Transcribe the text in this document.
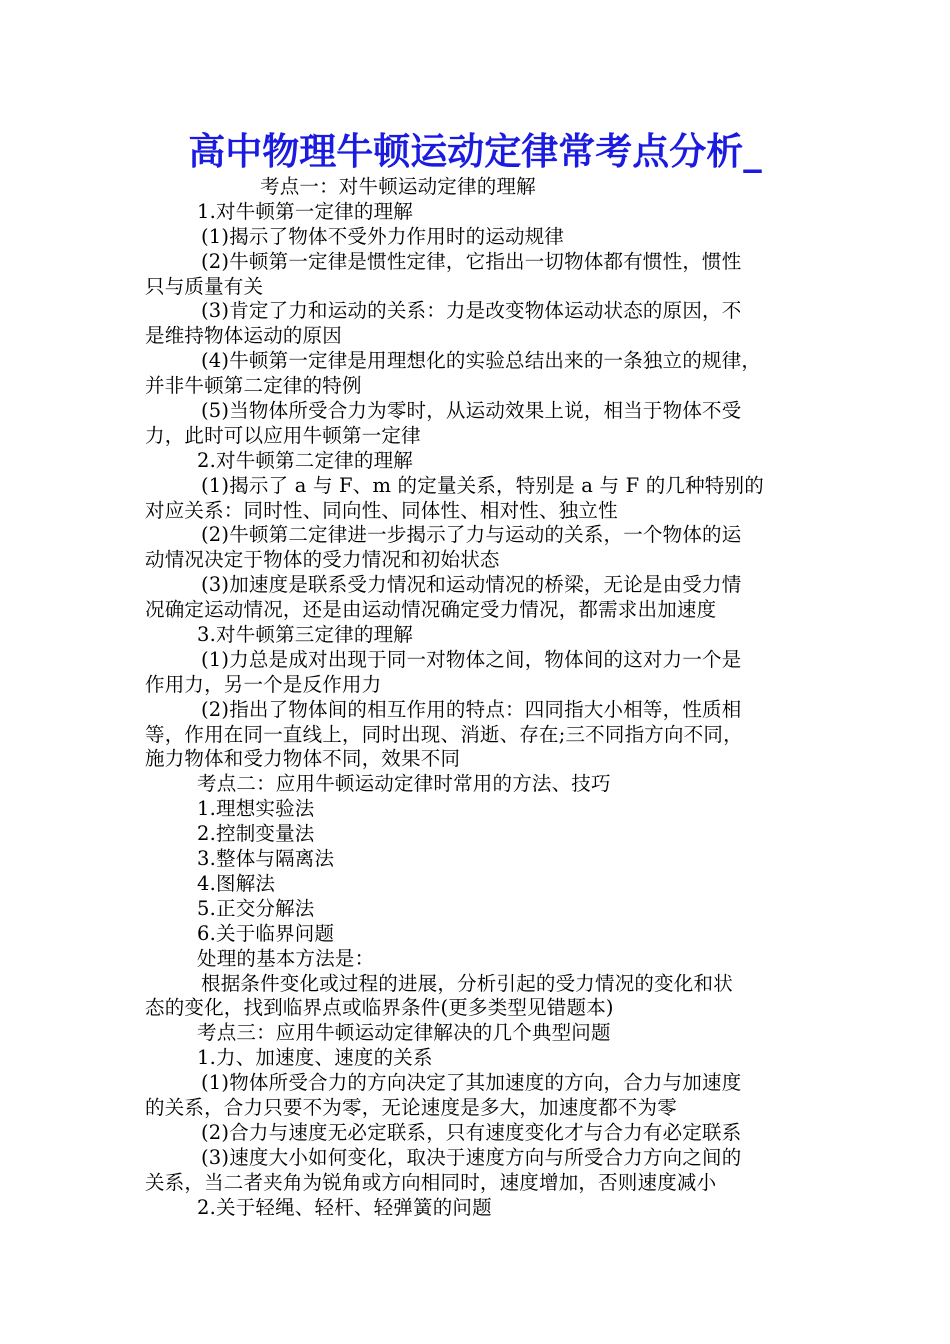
高中物理牛顿运动定律常考点分析_
考点一：对牛顿运动定律的理解
1.对牛顿第一定律的理解
(1)揭示了物体不受外力作用时的运动规律
(2)牛顿第一定律是惯性定律，它指出一切物体都有惯性，惯性
只与质量有关
(3)肯定了力和运动的关系：力是改变物体运动状态的原因，不
是维持物体运动的原因
(4)牛顿第一定律是用理想化的实验总结出来的一条独立的规律，
并非牛顿第二定律的特例
(5)当物体所受合力为零时，从运动效果上说，相当于物体不受
力，此时可以应用牛顿第一定律
2.对牛顿第二定律的理解
(1)揭示了 a 与 F、m 的定量关系，特别是 a 与 F 的几种特别的
对应关系：同时性、同向性、同体性、相对性、独立性
(2)牛顿第二定律进一步揭示了力与运动的关系，一个物体的运
动情况决定于物体的受力情况和初始状态
(3)加速度是联系受力情况和运动情况的桥梁，无论是由受力情
况确定运动情况，还是由运动情况确定受力情况，都需求出加速度
3.对牛顿第三定律的理解
(1)力总是成对出现于同一对物体之间，物体间的这对力一个是
作用力，另一个是反作用力
(2)指出了物体间的相互作用的特点：四同指大小相等，性质相
等，作用在同一直线上，同时出现、消逝、存在;三不同指方向不同，
施力物体和受力物体不同，效果不同
考点二：应用牛顿运动定律时常用的方法、技巧
1.理想实验法
2.控制变量法
3.整体与隔离法
4.图解法
5.正交分解法
6.关于临界问题
处理的基本方法是：
根据条件变化或过程的进展，分析引起的受力情况的变化和状
态的变化，找到临界点或临界条件(更多类型见错题本)
考点三：应用牛顿运动定律解决的几个典型问题
1.力、加速度、速度的关系
(1)物体所受合力的方向决定了其加速度的方向，合力与加速度
的关系，合力只要不为零，无论速度是多大，加速度都不为零
(2)合力与速度无必定联系，只有速度变化才与合力有必定联系
(3)速度大小如何变化，取决于速度方向与所受合力方向之间的
关系，当二者夹角为锐角或方向相同时，速度增加，否则速度减小
2.关于轻绳、轻杆、轻弹簧的问题
